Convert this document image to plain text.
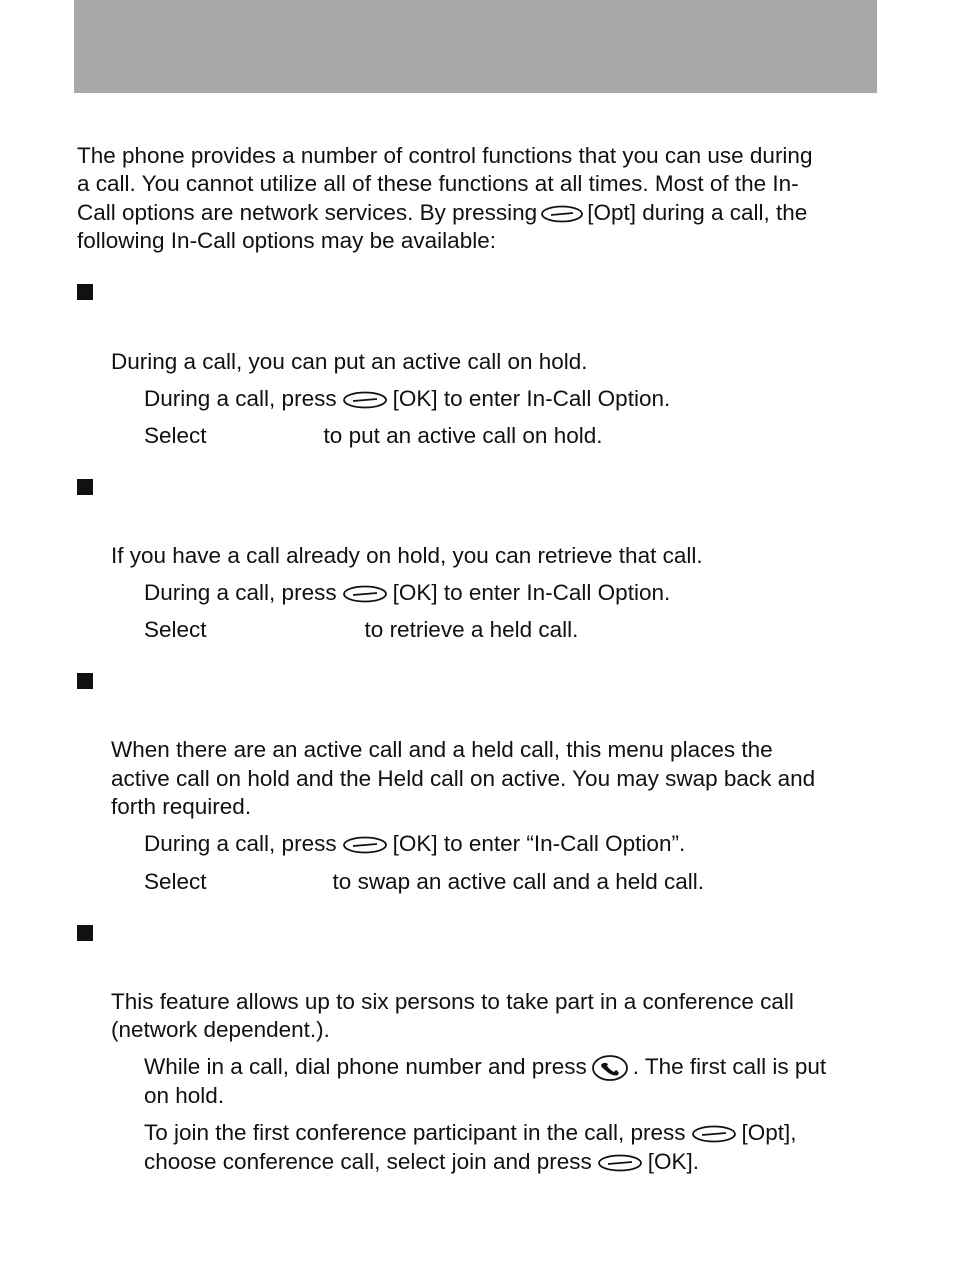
The phone provides a number of control functions that you can use during
a call. You cannot utilize all of these functions at all times. Most of the In-
Call options are network services. By pressing [Opt] during a call, the
following In-Call options may be available:
During a call, you can put an active call on hold.
During a call, press [OK] to enter In-Call Option.
Select	to put an active call on hold.
If you have a call already on hold, you can retrieve that call.
During a call, press [OK] to enter In-Call Option.
Select	to retrieve a held call.
When there are an active call and a held call, this menu places the
active call on hold and the Held call on active. You may swap back and
forth required.
During a call, press [OK] to enter “In-Call Option”.
Select	to swap an active call and a held call.
This feature allows up to six persons to take part in a conference call
(network dependent.).
While in a call, dial phone number and press . The first call is put
on hold.
To join the first conference participant in the call, press [Opt],
choose conference call, select join and press [OK].
